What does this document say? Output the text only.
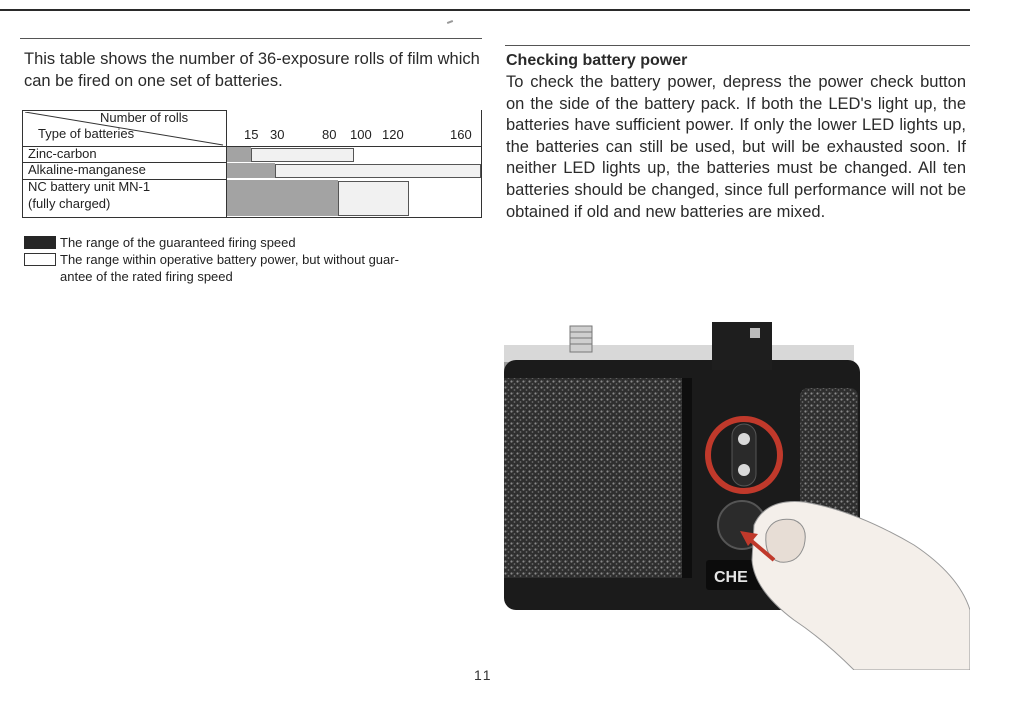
This table shows the number of 36-exposure rolls of film which can be fired on one set of batteries.
Number of rolls
Type of batteries	15 30	80 100 120	160
Zinc-carbon
Alkaline-manganese
NC battery unit MN-1
(fully charged)
The range of the guaranteed firing speed
The range within operative battery power, but without guar-
antee of the rated firing speed
Checking battery power
To check the battery power, depress the power check button on the side of the battery pack. If both the LED's light up, the batteries have sufficient power. If only the lower LED lights up, the batteries can still be used, but will be exhausted soon. If neither LED lights up, the batteries must be changed. All ten batteries should be changed, since full performance will not be obtained if old and new batteries are mixed.
CHE
11
